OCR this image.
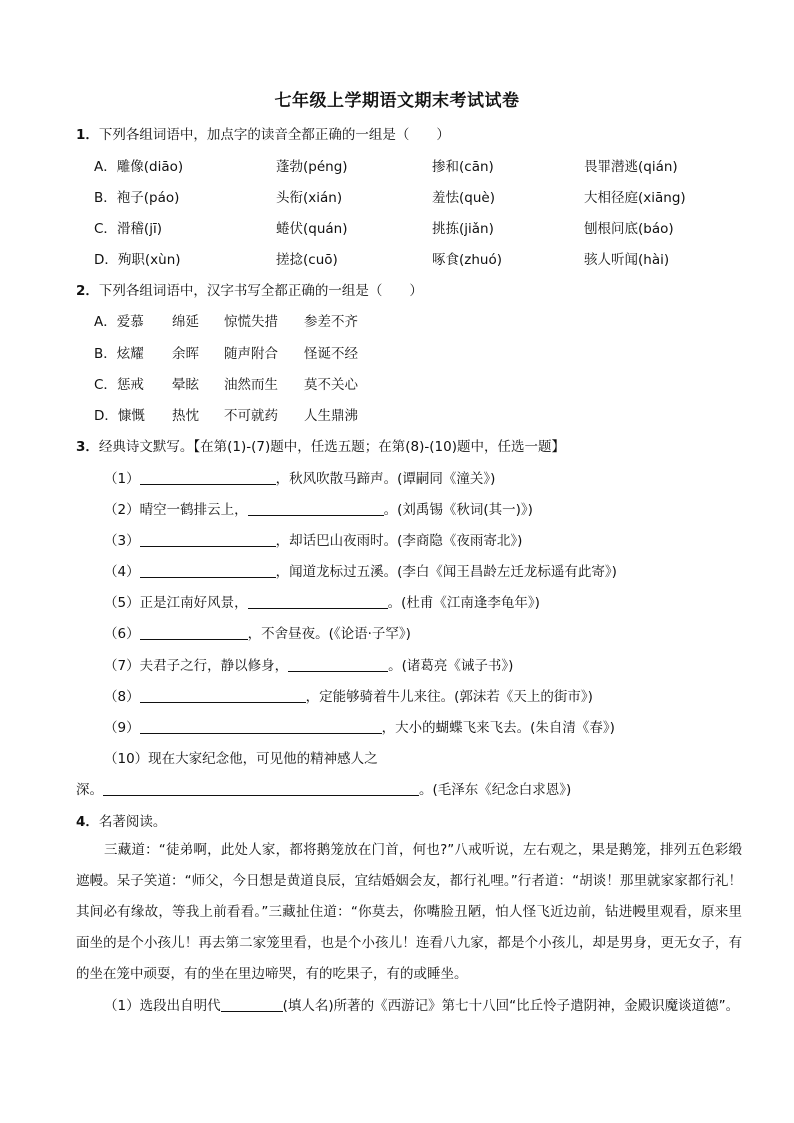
七年级上学期语文期末考试试卷
1．下列各组词语中，加点字的读音全都正确的一组是（　　）
A．雕像(diāo)	蓬勃(péng)	掺和(cān)	畏罪潜逃(qián)
B．袍子(páo)	头衔(xián)	羞怯(què)	大相径庭(xiāng)
C．滑稽(jī)	蜷伏(quán)	挑拣(jiǎn)	刨根问底(báo)
D．殉职(xùn)	搓捻(cuō)	啄食(zhuó)	骇人听闻(hài)
2．下列各组词语中，汉字书写全都正确的一组是（　　）
A．爱慕 绵延 惊慌失措 参差不齐
B．炫耀 余晖 随声附合 怪诞不经
C．惩戒 晕眩 油然而生 莫不关心
D．慷慨 热忱 不可就药 人生鼎沸
3．经典诗文默写。【在第(1)-(7)题中，任选五题；在第(8)-(10)题中，任选一题】
（1）	，秋风吹散马蹄声。(谭嗣同《潼关》)
（2）晴空一鹤排云上，	。(刘禹锡《秋词(其一)》)
（3）	，却话巴山夜雨时。(李商隐《夜雨寄北》)
（4）	，闻道龙标过五溪。(李白《闻王昌龄左迁龙标遥有此寄》)
（5）正是江南好风景，	。(杜甫《江南逢李龟年》)
（6）	，不舍昼夜。(《论语·子罕》)
（7）夫君子之行，静以修身，	。(诸葛亮《诫子书》)
（8）	，定能够骑着牛儿来往。(郭沫若《天上的街市》)
（9）	，大小的蝴蝶飞来飞去。(朱自清《春》)
（10）现在大家纪念他，可见他的精神感人之
深。	。(毛泽东《纪念白求恩》)
4．名著阅读。

三藏道：“徒弟啊，此处人家，都将鹅笼放在门首，何也?”八戒听说，左右观之，果是鹅笼，排列五色彩缎遮幔。呆子笑道：“师父，今日想是黄道良辰，宜结婚姻会友，都行礼哩。”行者道：“胡谈！那里就家家都行礼！其间必有缘故，等我上前看看。”三藏扯住道：“你莫去，你嘴脸丑陋，怕人怪飞近边前，钻进幔里观看，原来里面坐的是个小孩儿！再去第二家笼里看，也是个小孩儿！连看八九家，都是个小孩儿，却是男身，更无女子，有的坐在笼中顽耍，有的坐在里边啼哭，有的吃果子，有的或睡坐。

（1）选段出自明代	(填人名)所著的《西游记》第七十八回“比丘怜子遣阴神，金殿识魔谈道德”。
